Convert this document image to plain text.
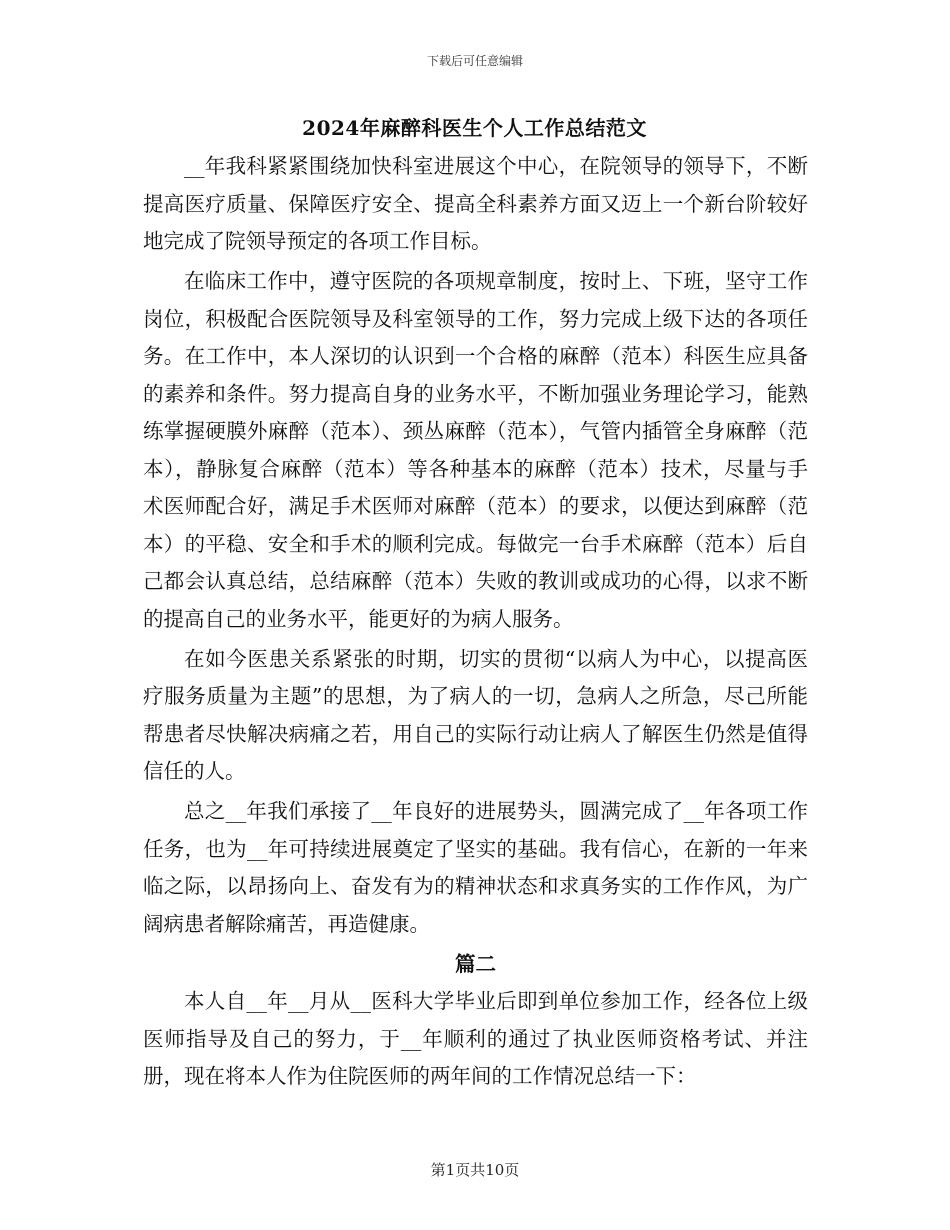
下载后可任意编辑
2024年麻醉科医生个人工作总结范文

__年我科紧紧围绕加快科室进展这个中心，在院领导的领导下，不断提高医疗质量、保障医疗安全、提高全科素养方面又迈上一个新台阶较好地完成了院领导预定的各项工作目标。

在临床工作中，遵守医院的各项规章制度，按时上、下班，坚守工作岗位，积极配合医院领导及科室领导的工作，努力完成上级下达的各项任务。在工作中，本人深切的认识到一个合格的麻醉（范本）科医生应具备的素养和条件。努力提高自身的业务水平，不断加强业务理论学习，能熟练掌握硬膜外麻醉（范本）、颈丛麻醉（范本），气管内插管全身麻醉（范本），静脉复合麻醉（范本）等各种基本的麻醉（范本）技术，尽量与手术医师配合好，满足手术医师对麻醉（范本）的要求，以便达到麻醉（范本）的平稳、安全和手术的顺利完成。每做完一台手术麻醉（范本）后自己都会认真总结，总结麻醉（范本）失败的教训或成功的心得，以求不断的提高自己的业务水平，能更好的为病人服务。

在如今医患关系紧张的时期，切实的贯彻“以病人为中心，以提高医疗服务质量为主题”的思想，为了病人的一切，急病人之所急，尽己所能帮患者尽快解决病痛之若，用自己的实际行动让病人了解医生仍然是值得信任的人。

总之__年我们承接了__年良好的进展势头，圆满完成了__年各项工作任务，也为__年可持续进展奠定了坚实的基础。我有信心，在新的一年来临之际，以昂扬向上、奋发有为的精神状态和求真务实的工作作风，为广阔病患者解除痛苦，再造健康。

篇二

本人自__年__月从__医科大学毕业后即到单位参加工作，经各位上级医师指导及自己的努力，于__年顺利的通过了执业医师资格考试、并注册，现在将本人作为住院医师的两年间的工作情况总结一下：

第1页共10页
